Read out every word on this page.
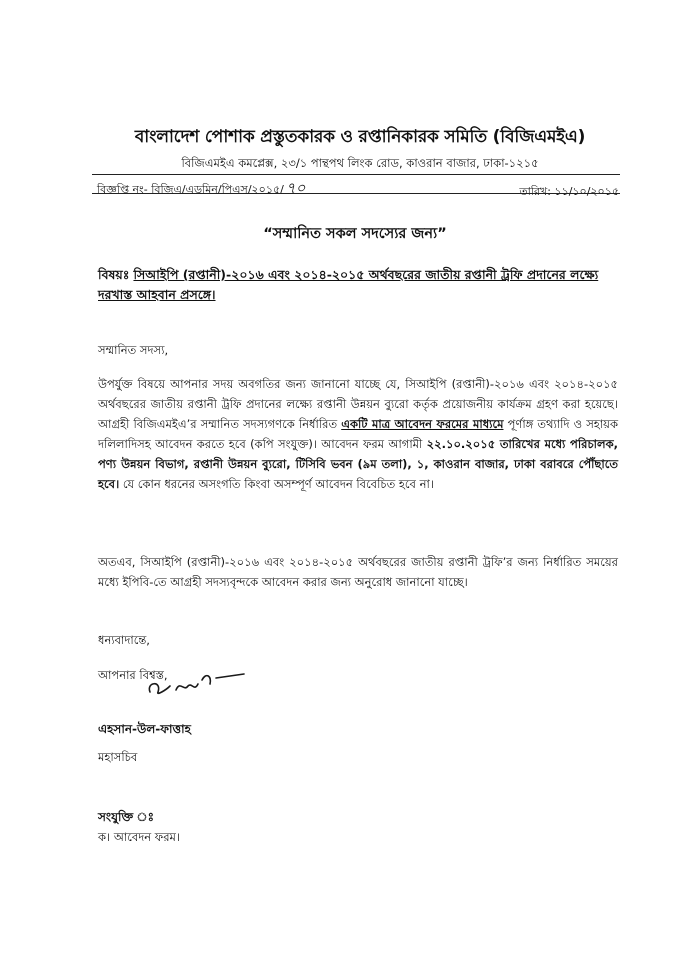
বাংলাদেশ পোশাক প্রস্তুতকারক ও রপ্তানিকারক সমিতি (বিজিএমইএ)
বিজিএমইএ কমপ্লেক্স, ২৩/১ পান্থপথ লিংক রোড, কাওরান বাজার, ঢাকা-১২১৫
বিজ্ঞপ্তি নং- বিজিএ/এডমিন/পিএস/২০১৫/ ৭০	তারিখ: ১১/১০/২০১৫
“সম্মানিত সকল সদস্যের জন্য”
বিষয়ঃ সিআইপি (রপ্তানী)-২০১৬ এবং ২০১৪-২০১৫ অর্থবছরের জাতীয় রপ্তানী ট্রফি প্রদানের লক্ষ্যে দরখাস্ত আহবান প্রসঙ্গে।
সম্মানিত সদস্য,
উপর্যুক্ত বিষয়ে আপনার সদয় অবগতির জন্য জানানো যাচ্ছে যে, সিআইপি (রপ্তানী)-২০১৬ এবং ২০১৪-২০১৫ অর্থবছরের জাতীয় রপ্তানী ট্রফি প্রদানের লক্ষ্যে রপ্তানী উন্নয়ন ব্যুরো কর্তৃক প্রয়োজনীয় কার্যক্রম গ্রহণ করা হয়েছে। আগ্রহী বিজিএমইএ’র সম্মানিত সদস্যগণকে নির্ধারিত একটি মাত্র আবেদন ফরমের মাধ্যমে পূর্ণাঙ্গ তথ্যাদি ও সহায়ক দলিলাদিসহ আবেদন করতে হবে (কপি সংযুক্ত)। আবেদন ফরম আগামী ২২.১০.২০১৫ তারিখের মধ্যে পরিচালক, পণ্য উন্নয়ন বিভাগ, রপ্তানী উন্নয়ন ব্যুরো, টিসিবি ভবন (৯ম তলা), ১, কাওরান বাজার, ঢাকা বরাবরে পৌঁছাতে হবে। যে কোন ধরনের অসংগতি কিংবা অসম্পূর্ণ আবেদন বিবেচিত হবে না।
অতএব, সিআইপি (রপ্তানী)-২০১৬ এবং ২০১৪-২০১৫ অর্থবছরের জাতীয় রপ্তানী ট্রফি’র জন্য নির্ধারিত সময়ের মধ্যে ইপিবি-তে আগ্রহী সদস্যবৃন্দকে আবেদন করার জন্য অনুরোধ জানানো যাচ্ছে।
ধন্যবাদান্তে,
আপনার বিশ্বস্ত,
এহসান-উল-ফাত্তাহ
মহাসচিব
সংযুক্তি ঃ
ক। আবেদন ফরম।
